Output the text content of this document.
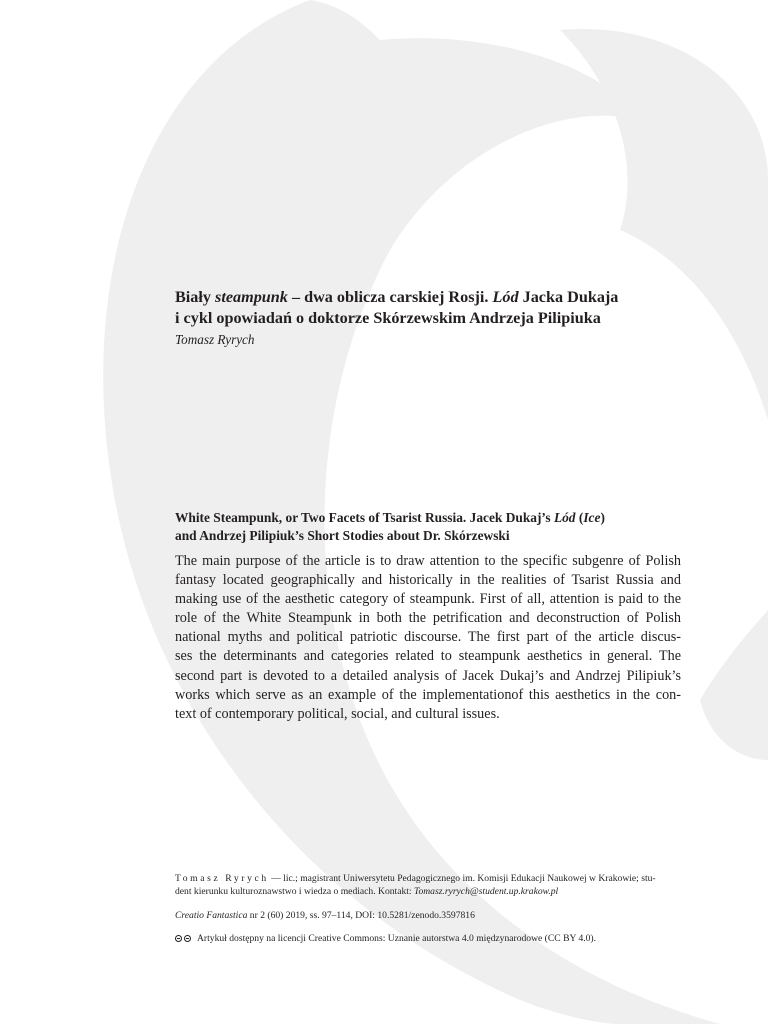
Biały steampunk – dwa oblicza carskiej Rosji. Lód Jacka Dukaja
i cykl opowiadań o doktorze Skórzewskim Andrzeja Pilipiuka
Tomasz Ryrych
White Steampunk, or Two Facets of Tsarist Russia. Jacek Dukaj’s Lód (Ice)
and Andrzej Pilipiuk’s Short Stodies about Dr. Skórzewski
The main purpose of the article is to draw attention to the specific subgenre of Polish
fantasy located geographically and historically in the realities of Tsarist Russia and
making use of the aesthetic category of steampunk. First of all, attention is paid to the
role of the White Steampunk in both the petrification and deconstruction of Polish
national myths and political patriotic discourse. The first part of the article discus-
ses the determinants and categories related to steampunk aesthetics in general. The
second part is devoted to a detailed analysis of Jacek Dukaj’s and Andrzej Pilipiuk’s
works which serve as an example of the implementationof this aesthetics in the con-
text of contemporary political, social, and cultural issues.
Tomasz Ryrych — lic.; magistrant Uniwersytetu Pedagogicznego im. Komisji Edukacji Naukowej w Krakowie; stu-
dent kierunku kulturoznawstwo i wiedza o mediach. Kontakt: Tomasz.ryrych@student.up.krakow.pl
Creatio Fantastica nr 2 (60) 2019, ss. 97–114, DOI: 10.5281/zenodo.3597816
Artykuł dostępny na licencji Creative Commons: Uznanie autorstwa 4.0 międzynarodowe (CC BY 4.0).
